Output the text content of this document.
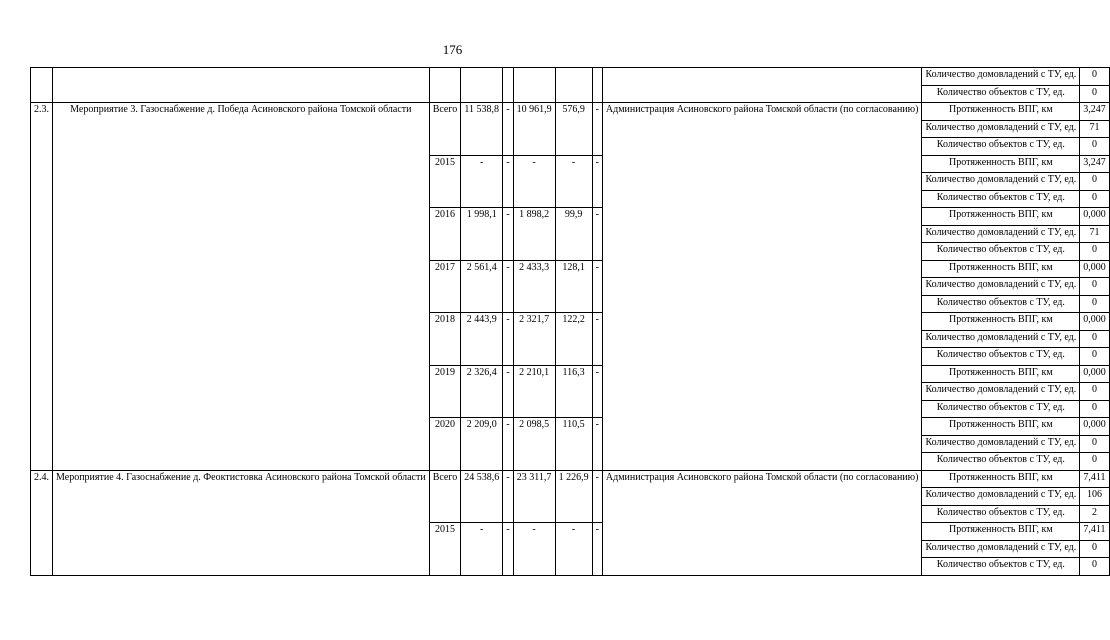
176
									Количество домовладений с ТУ, ед.	0
									Количество объектов с ТУ, ед.	0
2.3.	Мероприятие 3. Газоснабжение д. Победа Асиновского района Томской области	Всего	11 538,8	-	10 961,9	576,9	-	Администрация Асиновского района Томской области (по согласованию)	Протяженность ВПГ, км	3,247
									Количество домовладений с ТУ, ед.	71
									Количество объектов с ТУ, ед.	0
		2015	-	-	-	-	-		Протяженность ВПГ, км	3,247
									Количество домовладений с ТУ, ед.	0
									Количество объектов с ТУ, ед.	0
		2016	1 998,1	-	1 898,2	99,9	-		Протяженность ВПГ, км	0,000
									Количество домовладений с ТУ, ед.	71
									Количество объектов с ТУ, ед.	0
		2017	2 561,4	-	2 433,3	128,1	-		Протяженность ВПГ, км	0,000
									Количество домовладений с ТУ, ед.	0
									Количество объектов с ТУ, ед.	0
		2018	2 443,9	-	2 321,7	122,2	-		Протяженность ВПГ, км	0,000
									Количество домовладений с ТУ, ед.	0
									Количество объектов с ТУ, ед.	0
		2019	2 326,4	-	2 210,1	116,3	-		Протяженность ВПГ, км	0,000
									Количество домовладений с ТУ, ед.	0
									Количество объектов с ТУ, ед.	0
		2020	2 209,0	-	2 098,5	110,5	-		Протяженность ВПГ, км	0,000
									Количество домовладений с ТУ, ед.	0
									Количество объектов с ТУ, ед.	0
2.4.	Мероприятие 4. Газоснабжение д. Феоктистовка Асиновского района Томской области	Всего	24 538,6	-	23 311,7	1 226,9	-	Администрация Асиновского района Томской области (по согласованию)	Протяженность ВПГ, км	7,411
									Количество домовладений с ТУ, ед.	106
									Количество объектов с ТУ, ед.	2
		2015	-	-	-	-	-		Протяженность ВПГ, км	7,411
									Количество домовладений с ТУ, ед.	0
									Количество объектов с ТУ, ед.	0
